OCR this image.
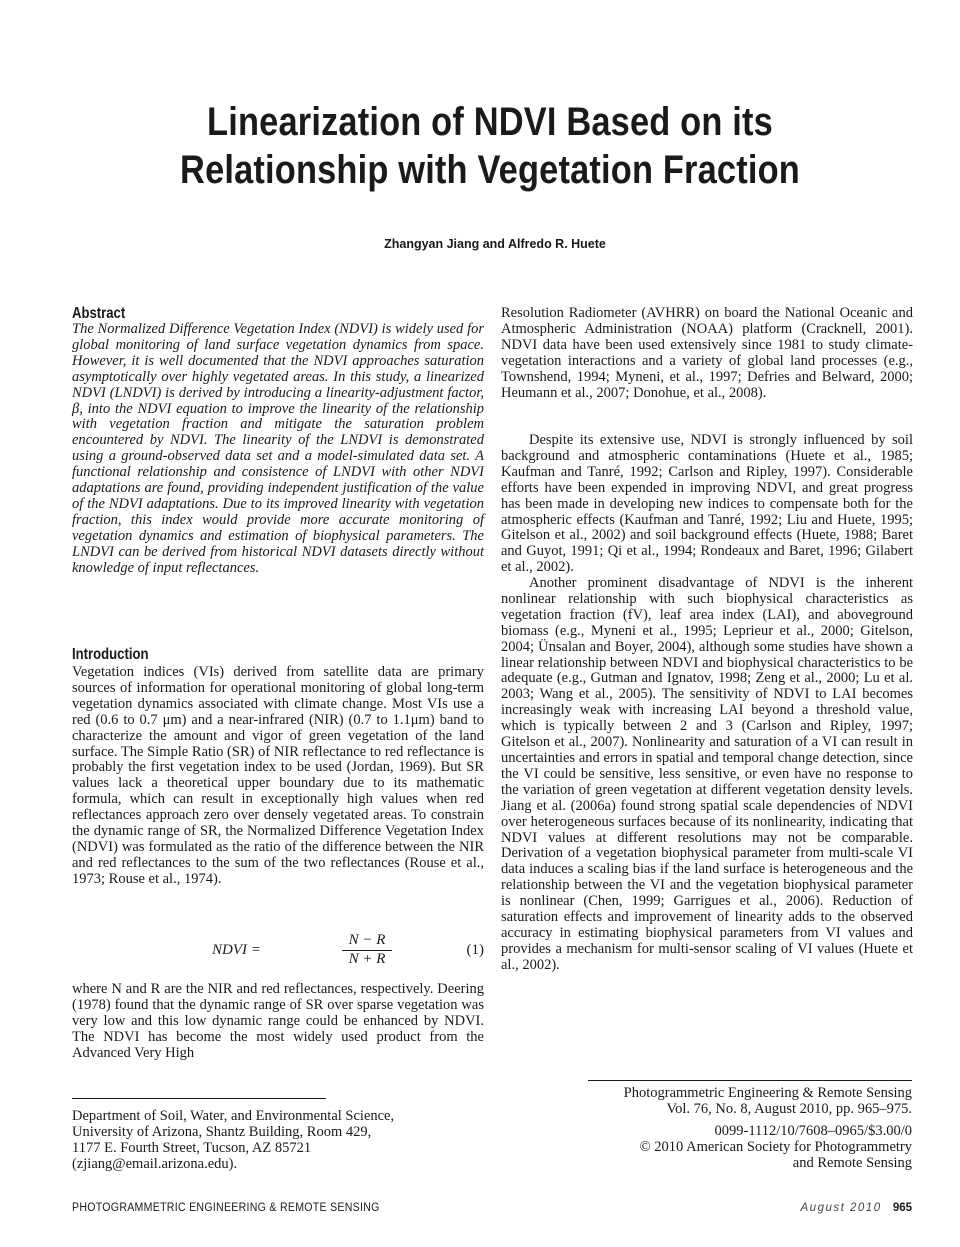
Linearization of NDVI Based on its
Relationship with Vegetation Fraction
Zhangyan Jiang and Alfredo R. Huete
Abstract

The Normalized Difference Vegetation Index (NDVI) is widely used for global monitoring of land surface vegetation dynamics from space. However, it is well documented that the NDVI approaches saturation asymptotically over highly vegetated areas. In this study, a linearized NDVI (LNDVI) is derived by introducing a linearity-adjustment factor, β, into the NDVI equation to improve the linearity of the relationship with vegetation fraction and mitigate the saturation problem encountered by NDVI. The linearity of the LNDVI is demonstrated using a ground-observed data set and a model-simulated data set. A functional relationship and consistence of LNDVI with other NDVI adaptations are found, providing independent justification of the value of the NDVI adaptations. Due to its improved linearity with vegetation fraction, this index would provide more accurate monitoring of vegetation dynamics and estimation of biophysical parameters. The LNDVI can be derived from historical NDVI datasets directly without knowledge of input reflectances.

Introduction

Vegetation indices (VIs) derived from satellite data are primary sources of information for operational monitoring of global long-term vegetation dynamics associated with climate change. Most VIs use a red (0.6 to 0.7 μm) and a near-infrared (NIR) (0.7 to 1.1μm) band to characterize the amount and vigor of green vegetation of the land surface. The Simple Ratio (SR) of NIR reflectance to red reflectance is probably the first vegetation index to be used (Jordan, 1969). But SR values lack a theoretical upper boundary due to its mathematic formula, which can result in exceptionally high values when red reflectances approach zero over densely vegetated areas. To constrain the dynamic range of SR, the Normalized Difference Vegetation Index (NDVI) was formulated as the ratio of the difference between the NIR and red reflectances to the sum of the two reflectances (Rouse et al., 1973; Rouse et al., 1974).

NDVI =	$\frac{N - R}{N + R}$	(1)

where N and R are the NIR and red reflectances, respectively. Deering (1978) found that the dynamic range of SR over sparse vegetation was very low and this low dynamic range could be enhanced by NDVI. The NDVI has become the most widely used product from the Advanced Very High

Resolution Radiometer (AVHRR) on board the National Oceanic and Atmospheric Administration (NOAA) platform (Cracknell, 2001). NDVI data have been used extensively since 1981 to study climate-vegetation interactions and a variety of global land processes (e.g., Townshend, 1994; Myneni, et al., 1997; Defries and Belward, 2000; Heumann et al., 2007; Donohue, et al., 2008).

Despite its extensive use, NDVI is strongly influenced by soil background and atmospheric contaminations (Huete et al., 1985; Kaufman and Tanré, 1992; Carlson and Ripley, 1997). Considerable efforts have been expended in improving NDVI, and great progress has been made in developing new indices to compensate both for the atmospheric effects (Kaufman and Tanré, 1992; Liu and Huete, 1995; Gitelson et al., 2002) and soil background effects (Huete, 1988; Baret and Guyot, 1991; Qi et al., 1994; Rondeaux and Baret, 1996; Gilabert et al., 2002).

Another prominent disadvantage of NDVI is the inherent nonlinear relationship with such biophysical characteristics as vegetation fraction (fV), leaf area index (LAI), and aboveground biomass (e.g., Myneni et al., 1995; Leprieur et al., 2000; Gitelson, 2004; Ünsalan and Boyer, 2004), although some studies have shown a linear relationship between NDVI and biophysical characteristics to be adequate (e.g., Gutman and Ignatov, 1998; Zeng et al., 2000; Lu et al. 2003; Wang et al., 2005). The sensitivity of NDVI to LAI becomes increasingly weak with increasing LAI beyond a threshold value, which is typically between 2 and 3 (Carlson and Ripley, 1997; Gitelson et al., 2007). Nonlinearity and saturation of a VI can result in uncertainties and errors in spatial and temporal change detection, since the VI could be sensitive, less sensitive, or even have no response to the variation of green vegetation at different vegetation density levels. Jiang et al. (2006a) found strong spatial scale dependencies of NDVI over heterogeneous surfaces because of its nonlinearity, indicating that NDVI values at different resolutions may not be comparable. Derivation of a vegetation biophysical parameter from multi-scale VI data induces a scaling bias if the land surface is heterogeneous and the relationship between the VI and the vegetation biophysical parameter is nonlinear (Chen, 1999; Garrigues et al., 2006). Reduction of saturation effects and improvement of linearity adds to the observed accuracy in estimating biophysical parameters from VI values and provides a mechanism for multi-sensor scaling of VI values (Huete et al., 2002).

Department of Soil, Water, and Environmental Science,
University of Arizona, Shantz Building, Room 429,
1177 E. Fourth Street, Tucson, AZ 85721
(zjiang@email.arizona.edu).
Photogrammetric Engineering & Remote Sensing
Vol. 76, No. 8, August 2010, pp. 965–975.
0099-1112/10/7608–0965/$3.00/0
© 2010 American Society for Photogrammetry
and Remote Sensing
PHOTOGRAMMETRIC ENGINEERING & REMOTE SENSING	August 2010 965
